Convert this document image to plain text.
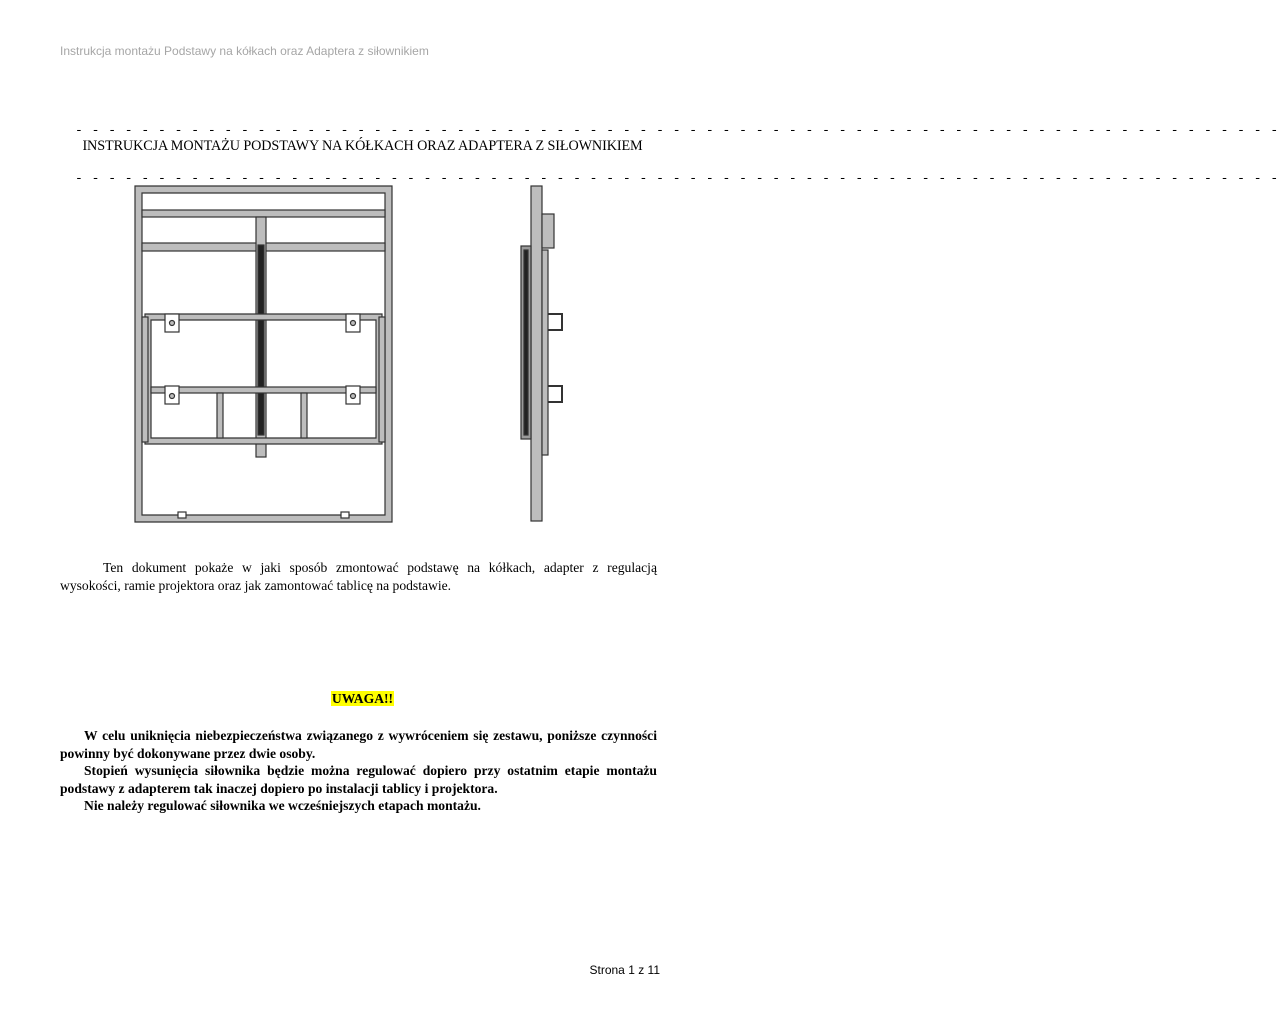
Instrukcja montażu Podstawy na kółkach oraz Adaptera z siłownikiem
- - - - - - - - - - - - - - - - - - - - - - - - - - - - - - - - - - - - - - - - - - - - - - - - - - - - - - - - - - - - - - - - - - - - - - - - -
INSTRUKCJA MONTAŻU PODSTAWY NA KÓŁKACH ORAZ ADAPTERA Z SIŁOWNIKIEM
- - - - - - - - - - - - - - - - - - - - - - - - - - - - - - - - - - - - - - - - - - - - - - - - - - - - - - - - - - - - - - - - - - - - - - - - -
Ten dokument pokaże w jaki sposób zmontować podstawę na kółkach, adapter z regulacją wysokości, ramie projektora oraz jak zamontować tablicę na podstawie.
UWAGA!!

W celu uniknięcia niebezpieczeństwa związanego z wywróceniem się zestawu, poniższe czynności powinny być dokonywane przez dwie osoby.

Stopień wysunięcia siłownika będzie można regulować dopiero przy ostatnim etapie montażu podstawy z adapterem tak inaczej dopiero po instalacji tablicy i projektora.

Nie należy regulować siłownika we wcześniejszych etapach montażu.

Strona 1 z 11
